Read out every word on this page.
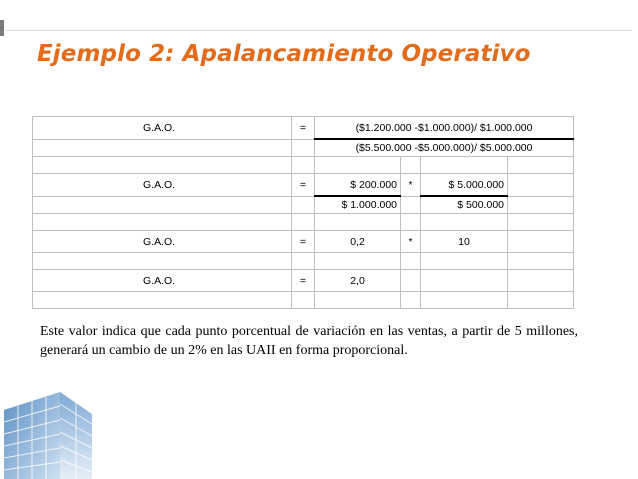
Ejemplo 2: Apalancamiento Operativo
G.A.O.	=	($1.200.000 -$1.000.000)/ $1.000.000			
		($5.500.000 -$5.000.000)/ $5.000.000			

G.A.O.	=	$ 200.000	*	$ 5.000.000	
		$ 1.000.000		$ 500.000	

G.A.O.	=	0,2	*	10	

G.A.O.	=	2,0			

Este valor indica que cada punto porcentual de variación en las ventas, a partir de 5 millones, generará un cambio de un 2% en las UAII en forma proporcional.
